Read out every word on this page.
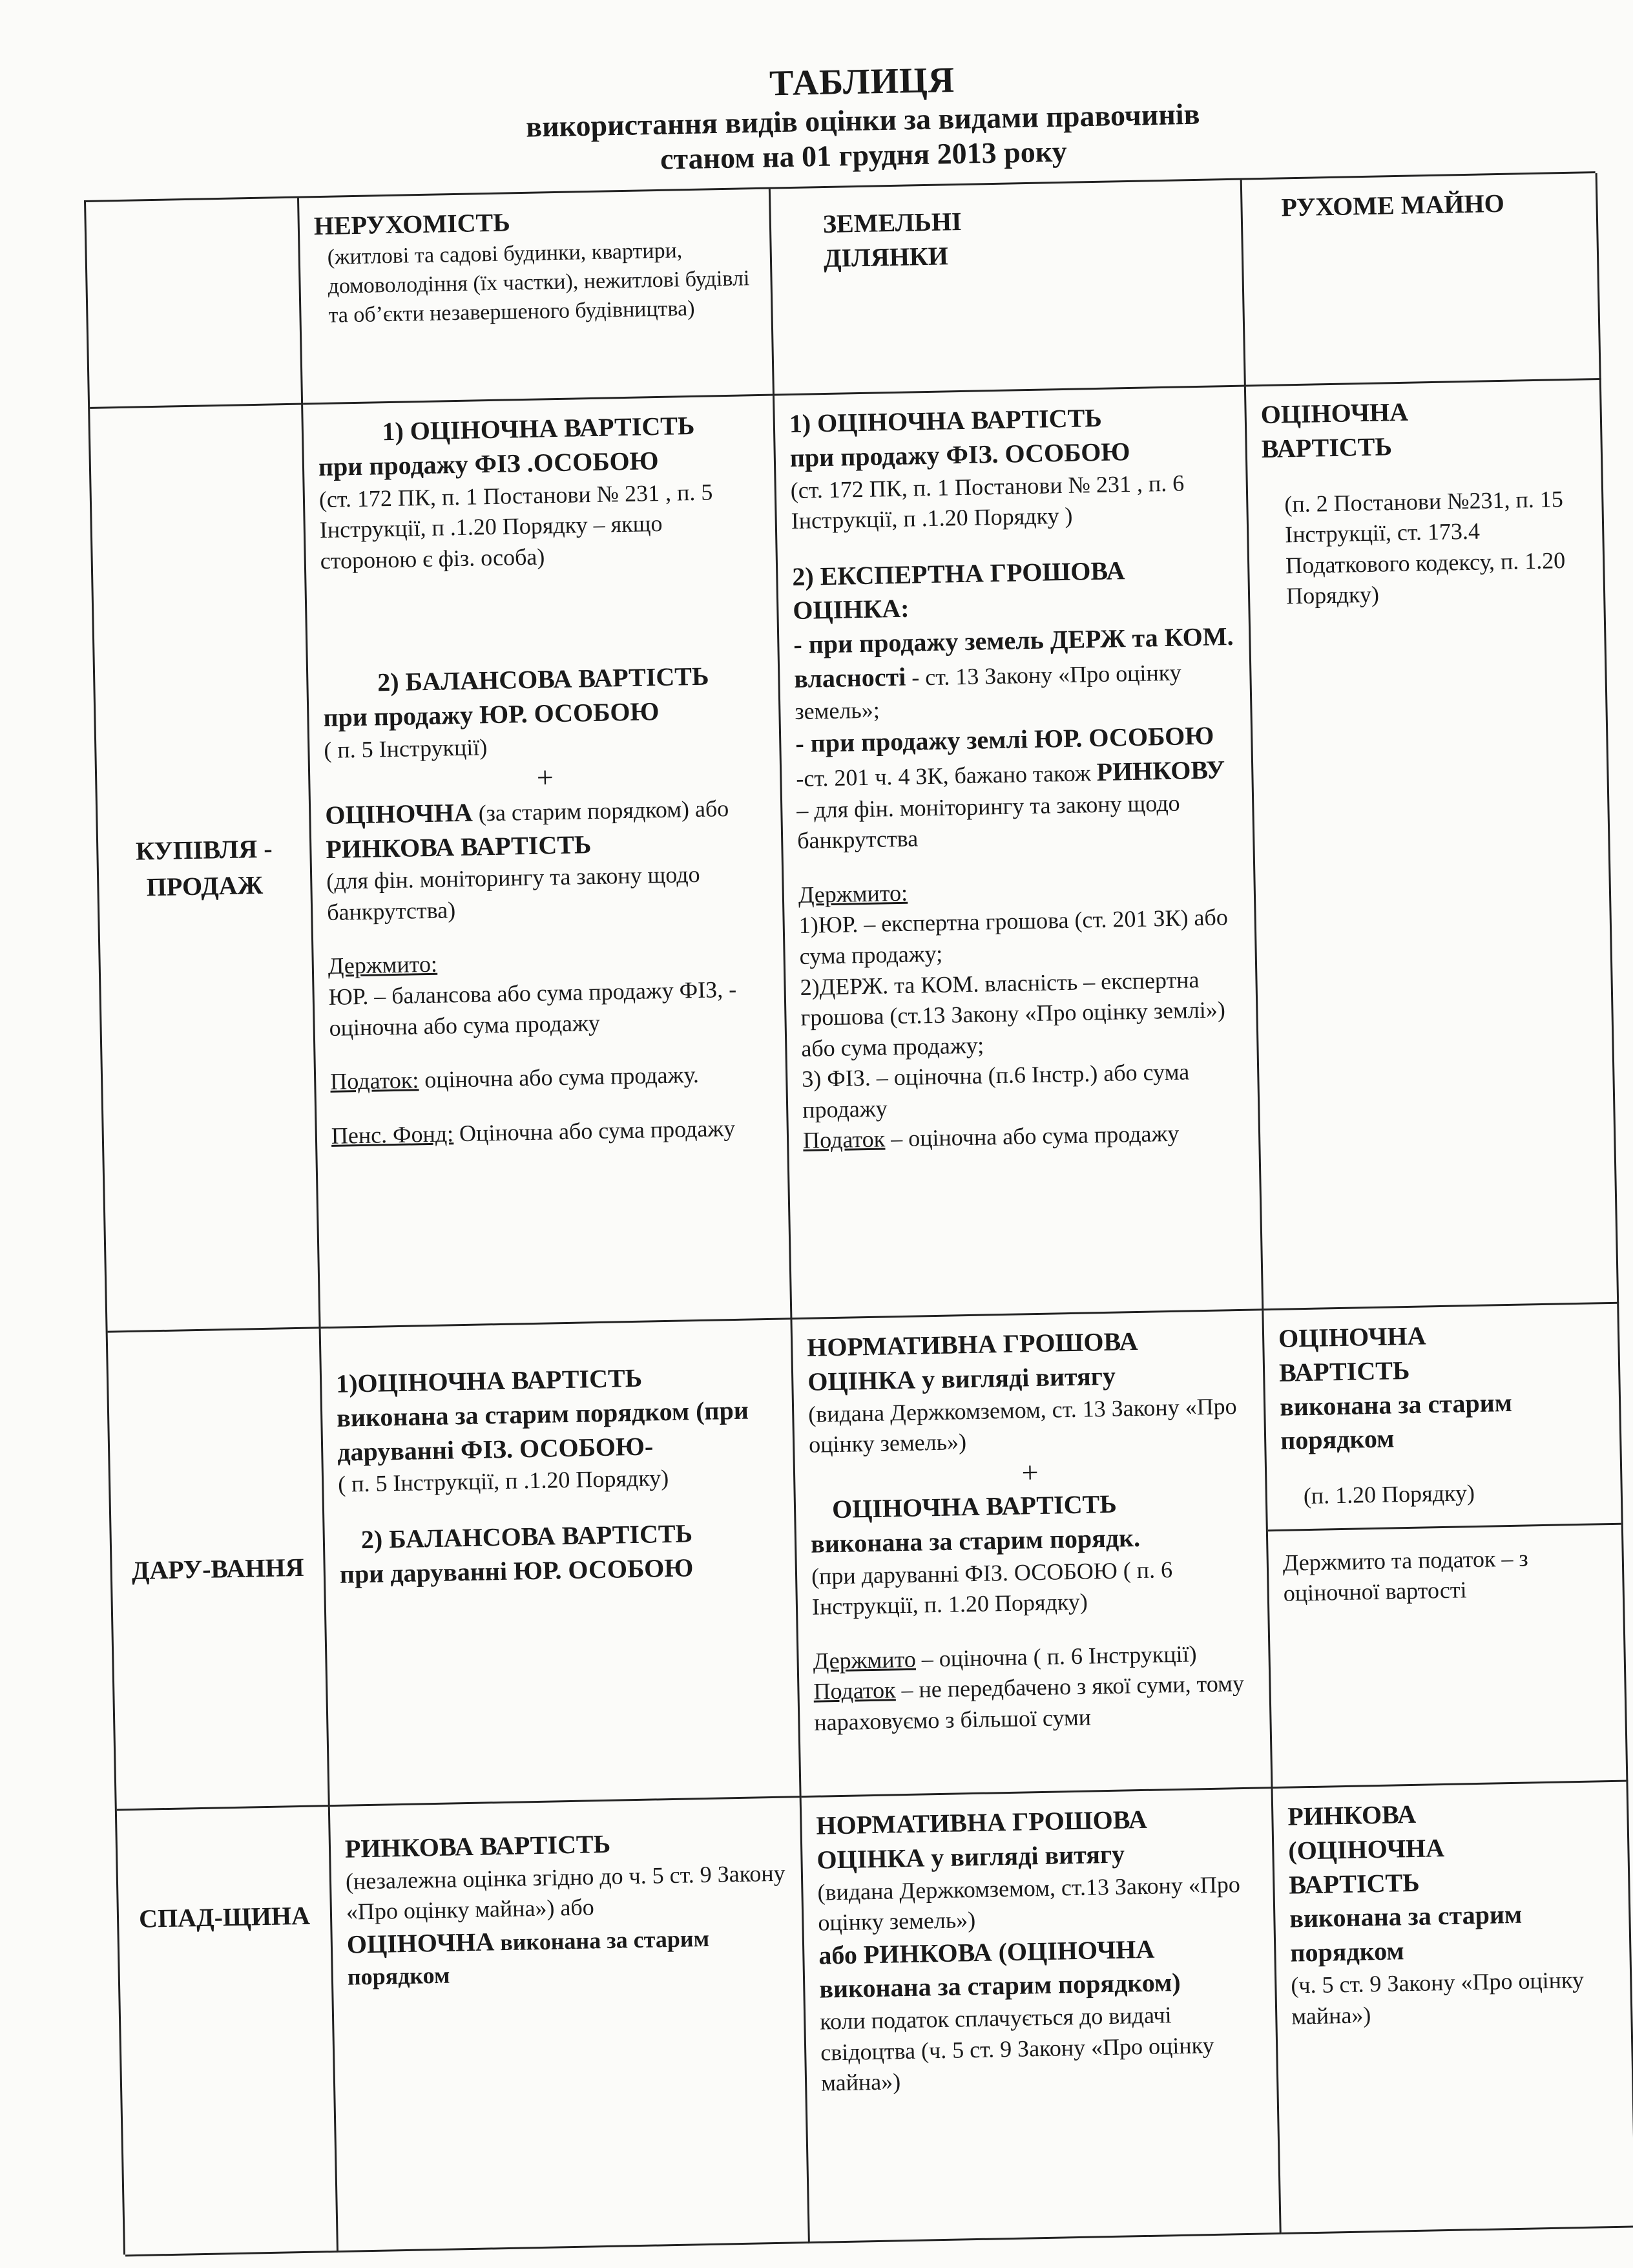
ТАБЛИЦЯ
використання видів оцінки за видами правочинів
станом на 01 грудня 2013 року
НЕРУХОМІСТЬ
(житлові та садові будинки, квартири, домоволодіння (їх частки), нежитлові будівлі та об’єкти незавершеного будівництва)
ЗЕМЕЛЬНІ ДІЛЯНКИ
РУХОМЕ МАЙНО
КУПІВЛЯ - ПРОДАЖ
1) ОЦІНОЧНА ВАРТІСТЬ
при продажу ФІЗ .ОСОБОЮ
(ст. 172 ПК, п. 1 Постанови № 231 , п. 5 Інструкції, п .1.20 Порядку – якщо стороною є фіз. особа)
2) БАЛАНСОВА ВАРТІСТЬ
при продажу ЮР. ОСОБОЮ
( п. 5 Інструкції)
+
ОЦІНОЧНА (за старим порядком) або РИНКОВА ВАРТІСТЬ
(для фін. моніторингу та закону щодо банкрутства)
Держмито:
ЮР. – балансова або сума продажу ФІЗ, - оціночна або сума продажу
Податок: оціночна або сума продажу.
Пенс. Фонд: Оціночна або сума продажу
1) ОЦІНОЧНА ВАРТІСТЬ
при продажу ФІЗ. ОСОБОЮ
(ст. 172 ПК, п. 1 Постанови № 231 , п. 6 Інструкції, п .1.20 Порядку )
2) ЕКСПЕРТНА ГРОШОВА ОЦІНКА:
- при продажу земель ДЕРЖ та КОМ. власності - ст. 13 Закону «Про оцінку земель»;
- при продажу землі ЮР. ОСОБОЮ -ст. 201 ч. 4 ЗК, бажано також РИНКОВУ – для фін. моніторингу та закону щодо банкрутства
Держмито:
1)ЮР. – експертна грошова (ст. 201 ЗК) або сума продажу;
2)ДЕРЖ. та КОМ. власність – експертна грошова (ст.13 Закону «Про оцінку землі») або сума продажу;
3) ФІЗ. – оціночна (п.6 Інстр.) або сума продажу
Податок – оціночна або сума продажу
ОЦІНОЧНА ВАРТІСТЬ
(п. 2 Постанови №231, п. 15 Інструкції, ст. 173.4 Податкового кодексу, п. 1.20 Порядку)
ДАРУ-ВАННЯ
1)ОЦІНОЧНА ВАРТІСТЬ
виконана за старим порядком (при даруванні ФІЗ. ОСОБОЮ-
( п. 5 Інструкції, п .1.20 Порядку)
2) БАЛАНСОВА ВАРТІСТЬ
при даруванні ЮР. ОСОБОЮ
НОРМАТИВНА ГРОШОВА ОЦІНКА у вигляді витягу
(видана Держкомземом, ст. 13 Закону «Про оцінку земель»)
+
ОЦІНОЧНА ВАРТІСТЬ
виконана за старим порядк.
(при даруванні ФІЗ. ОСОБОЮ ( п. 6 Інструкції, п. 1.20 Порядку)
Держмито – оціночна ( п. 6 Інструкції)
Податок – не передбачено з якої суми, тому нараховуємо з більшої суми
ОЦІНОЧНА ВАРТІСТЬ
виконана за старим порядком
(п. 1.20 Порядку)
Держмито та податок – з оціночної вартості
СПАД-ЩИНА
РИНКОВА ВАРТІСТЬ
(незалежна оцінка згідно до ч. 5 ст. 9 Закону «Про оцінку майна») або
ОЦІНОЧНА виконана за старим порядком
НОРМАТИВНА ГРОШОВА ОЦІНКА у вигляді витягу
(видана Держкомземом, ст.13 Закону «Про оцінку земель»)
або РИНКОВА (ОЦІНОЧНА
виконана за старим порядком)
коли податок сплачується до видачі свідоцтва (ч. 5 ст. 9 Закону «Про оцінку майна»)
РИНКОВА (ОЦІНОЧНА ВАРТІСТЬ
виконана за старим порядком
(ч. 5 ст. 9 Закону «Про оцінку майна»)
